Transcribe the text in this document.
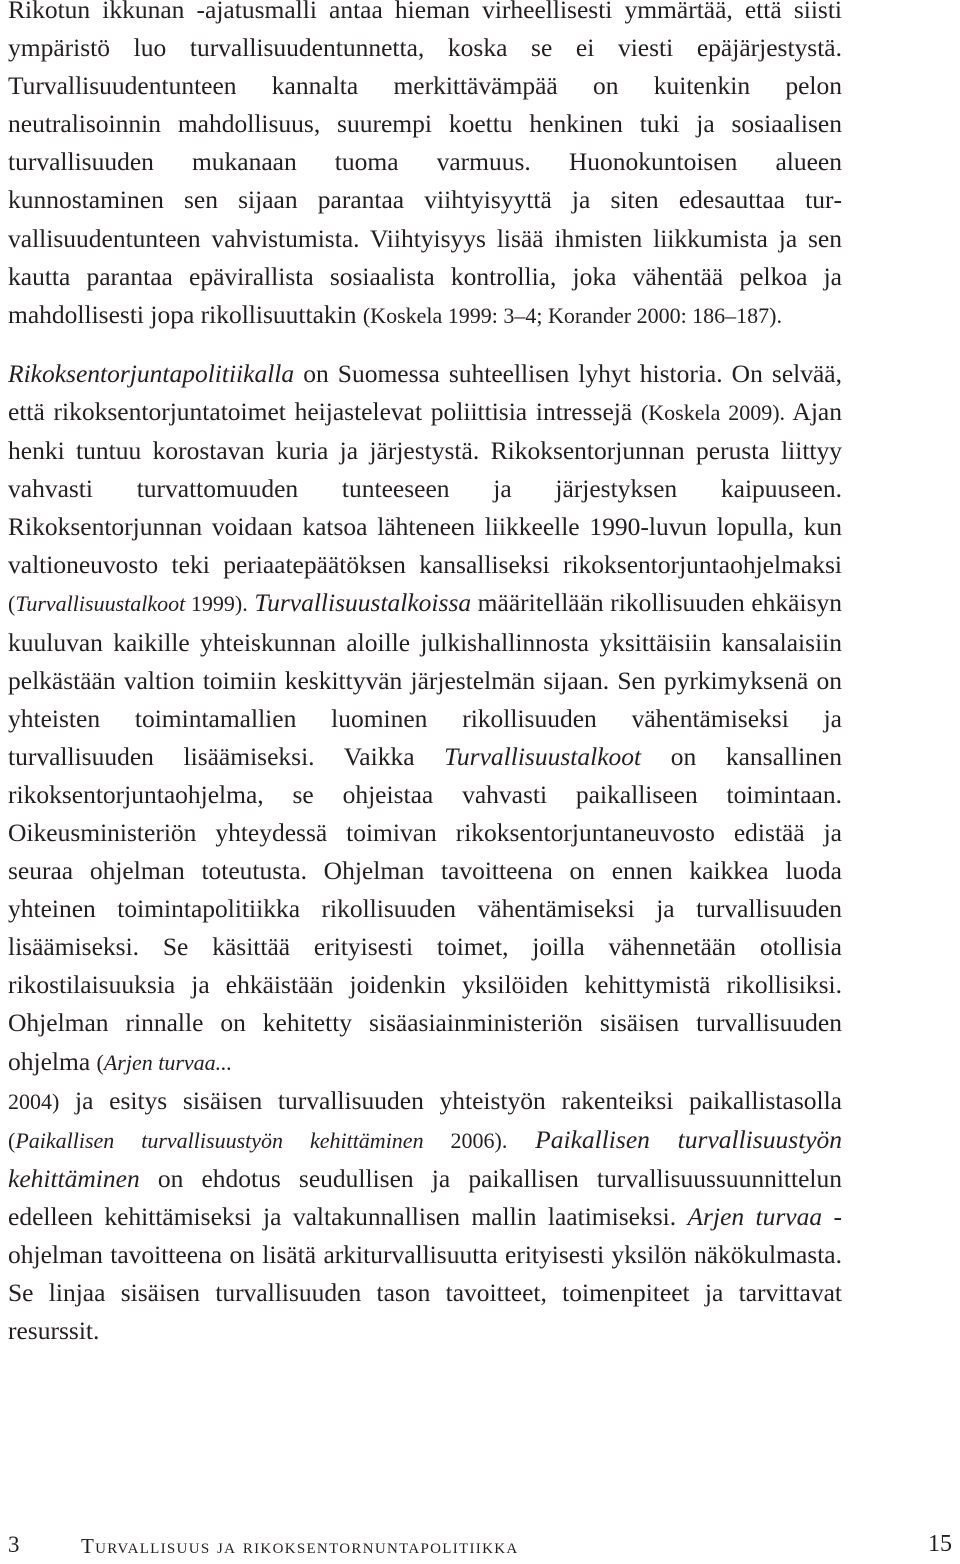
Rikotun ikkunan -ajatusmalli antaa hieman virheellisesti ymmärtää, että siisti ympäristö luo turvallisuudentunnetta, koska se ei viesti epäjärjestystä. Turvallisuudentunteen kannalta merkittävämpää on kuitenkin pelon neutralisoinnin mahdollisuus, suurempi koettu henkinen tuki ja sosiaalisen turvallisuuden mukanaan tuoma varmuus. Huonokuntoisen alueen kunnostaminen sen sijaan parantaa viihtyisyyttä ja siten edesauttaa turvallisuudentunteen vahvistumista. Viihtyisyys lisää ihmisten liikkumista ja sen kautta parantaa epävirallista sosiaalista kontrollia, joka vähentää pelkoa ja mahdollisesti jopa rikollisuuttakin (Koskela 1999: 3–4; Korander 2000: 186–187).

Rikoksentorjuntapolitiikalla on Suomessa suhteellisen lyhyt historia. On selvää, että rikoksentorjuntatoimet heijastelevat poliittisia intressejä (Koskela 2009). Ajan henki tuntuu korostavan kuria ja järjestystä. Rikoksentorjunnan perusta liittyy vahvasti turvattomuuden tunteeseen ja järjestyksen kaipuuseen. Rikoksentorjunnan voidaan katsoa lähteneen liikkeelle 1990-luvun lopulla, kun valtioneuvosto teki periaatepäätöksen kansalliseksi rikoksentorjuntaohjelmaksi (Turvallisuustalkoot 1999). Turvallisuustalkoissa määritellään rikollisuuden ehkäisyn kuuluvan kaikille yhteiskunnan aloille julkishallinnosta yksittäisiin kansalaisiin pelkästään valtion toimiin keskittyvän järjestelmän sijaan. Sen pyrkimyksenä on yhteisten toimintamallien luominen rikollisuuden vähentämiseksi ja turvallisuuden lisäämiseksi. Vaikka Turvallisuustalkoot on kansallinen rikoksentorjuntaohjelma, se ohjeistaa vahvasti paikalliseen toimintaan. Oikeusministeriön yhteydessä toimivan rikoksentorjuntaneuvosto edistää ja seuraa ohjelman toteutusta. Ohjelman tavoitteena on ennen kaikkea luoda yhteinen toimintapolitiikka rikollisuuden vähentämiseksi ja turvallisuuden lisäämiseksi. Se käsittää erityisesti toimet, joilla vähennetään otollisia rikostilaisuuksia ja ehkäistään joidenkin yksilöiden kehittymistä rikollisiksi. Ohjelman rinnalle on kehitetty sisäasiainministeriön sisäisen turvallisuuden ohjelma (Arjen turvaa...
2004) ja esitys sisäisen turvallisuuden yhteistyön rakenteiksi paikallistasolla (Paikallisen turvallisuustyön kehittäminen 2006). Paikallisen turvallisuustyön kehittäminen on ehdotus seudullisen ja paikallisen turvallisuussuunnittelun edelleen kehittämiseksi ja valtakunnallisen mallin laatimiseksi. Arjen turvaa -ohjelman tavoitteena on lisätä arkiturvallisuutta erityisesti yksilön näkökulmasta. Se linjaa sisäisen turvallisuuden tason tavoitteet, toimenpiteet ja tarvittavat resurssit.

3	Turvallisuus ja rikoksentornuntapolitiikka	15
